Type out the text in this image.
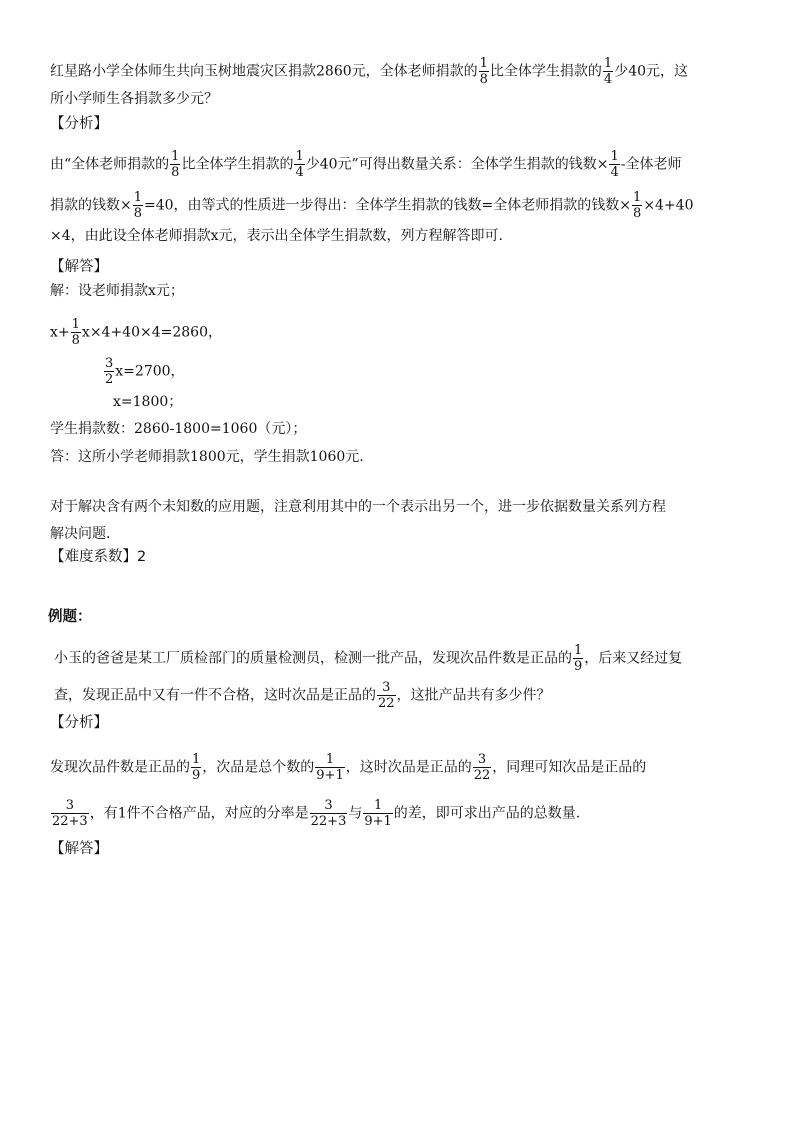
红星路小学全体师生共向玉树地震灾区捐款2860元，全体老师捐款的 $\frac{1}{8}$ 比全体学生捐款的 $\frac{1}{4}$ 少40元，这
所小学师生各捐款多少元？
【分析】
由“全体老师捐款的 $\frac{1}{8}$ 比全体学生捐款的 $\frac{1}{4}$ 少40元”可得出数量关系：全体学生捐款的钱数× $\frac{1}{4}$ -全体老师
捐款的钱数× $\frac{1}{8} =40$，由等式的性质进一步得出：全体学生捐款的钱数=全体老师捐款的钱数× $\frac{1}{8} \times 4+40$
×4，由此设全体老师捐款x元，表示出全体学生捐款数，列方程解答即可.
【解答】
解：设老师捐款x元；
$x+ \frac{1}{8} x\times 4+40\times 4=2860$，
$\frac{3}{2} x=2700$，
x=1800；
学生捐款数：2860-1800=1060（元）；
答：这所小学老师捐款1800元，学生捐款1060元.
对于解决含有两个未知数的应用题，注意利用其中的一个表示出另一个，进一步依据数量关系列方程
解决问题.
【难度系数】2
例题：
小玉的爸爸是某工厂质检部门的质量检测员，检测一批产品，发现次品件数是正品的 $\frac{1}{9}$ ，后来又经过复
查，发现正品中又有一件不合格，这时次品是正品的 $\frac{3}{22}$ ，这批产品共有多少件？
【分析】
发现次品件数是正品的 $\frac{1}{9}$ ，次品是总个数的 $\frac{1}{9+1}$ ，这时次品是正品的 $\frac{3}{22}$ ，同理可知次品是正品的
$\frac{3}{22+3}$ ，有1件不合格产品，对应的分率是 $\frac{3}{22+3}$ 与 $\frac{1}{9+1}$ 的差，即可求出产品的总数量.
【解答】
